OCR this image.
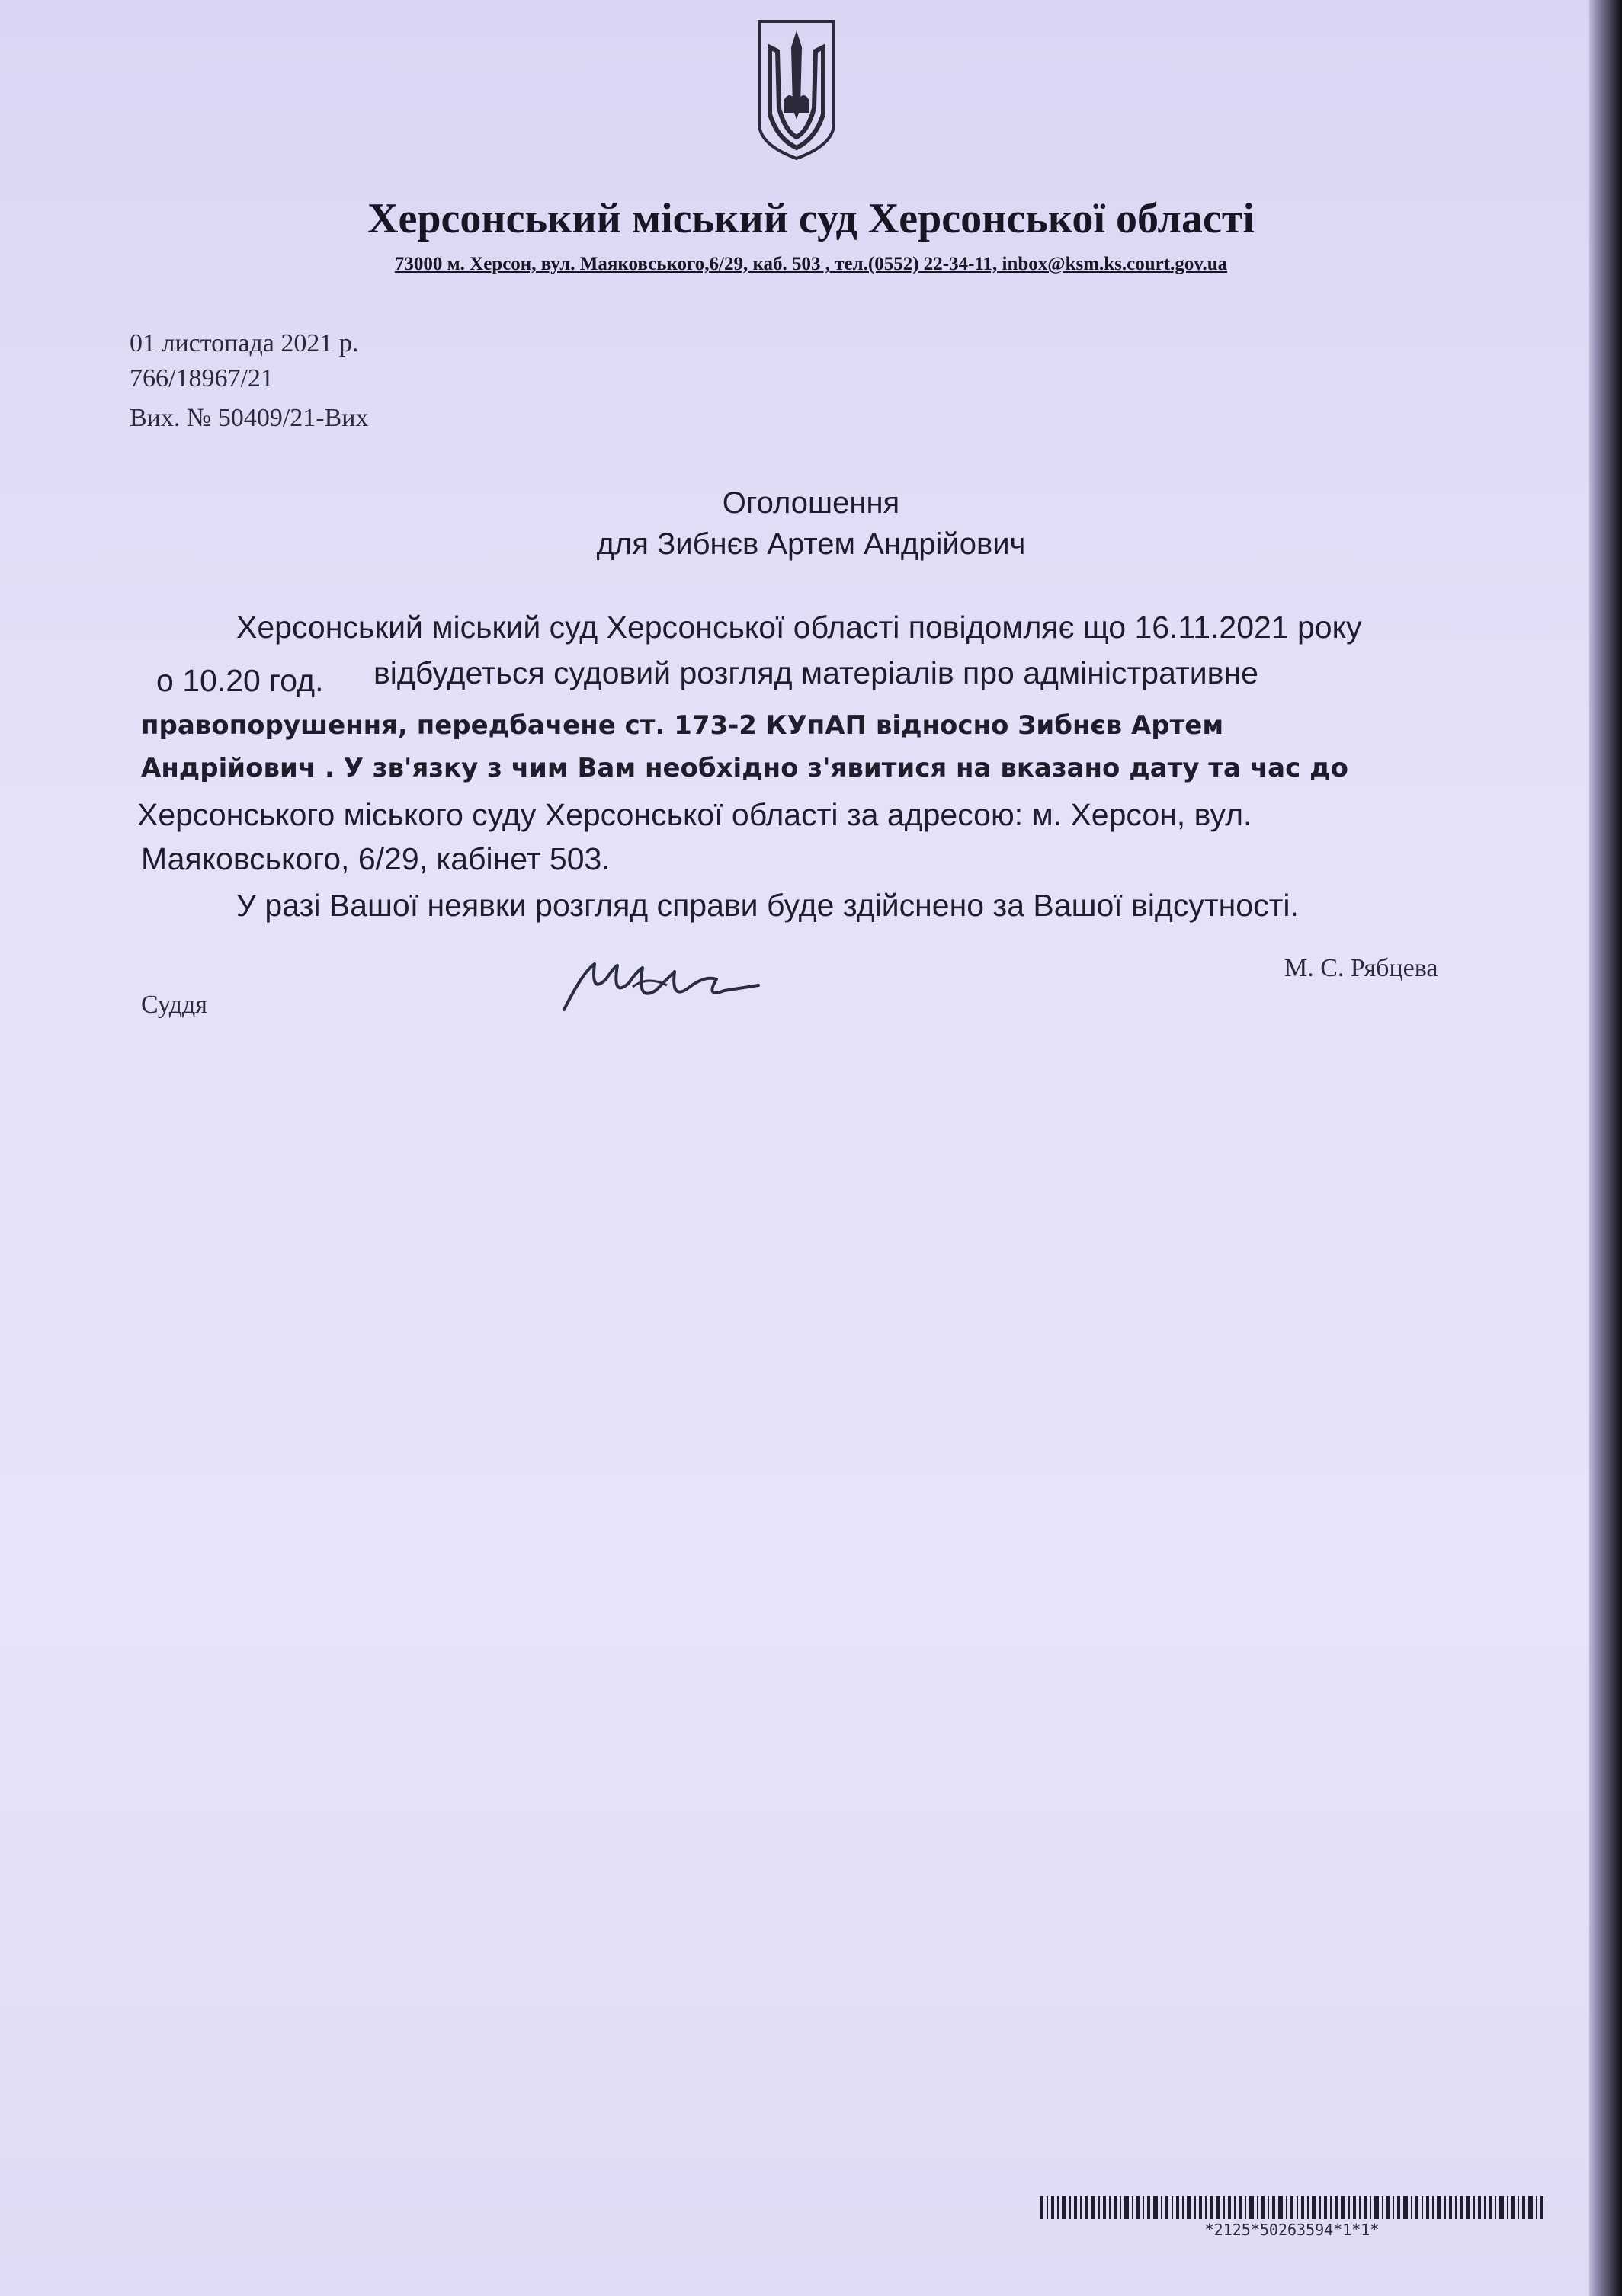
Херсонський міський суд Херсонської області
73000 м. Херсон, вул. Маяковського,6/29, каб. 503 , тел.(0552) 22-34-11, inbox@ksm.ks.court.gov.ua
01 листопада 2021 р.
766/18967/21
Вих. № 50409/21-Вих
Оголошення
для Зибнєв Артем Андрійович
Херсонський міський суд Херсонської області повідомляє що 16.11.2021 року
о 10.20 год. відбудеться судовий розгляд матеріалів про адміністративне
правопорушення, передбачене ст. 173-2 КУпАП відносно Зибнєв Артем
Андрійович . У зв'язку з чим Вам необхідно з'явитися на вказано дату та час до
Херсонського міського суду Херсонської області за адресою: м. Херсон, вул.
Маяковського, 6/29, кабінет 503.
У разі Вашої неявки розгляд справи буде здійснено за Вашої відсутності.
Суддя
М. С. Рябцева
*2125*50263594*1*1*
